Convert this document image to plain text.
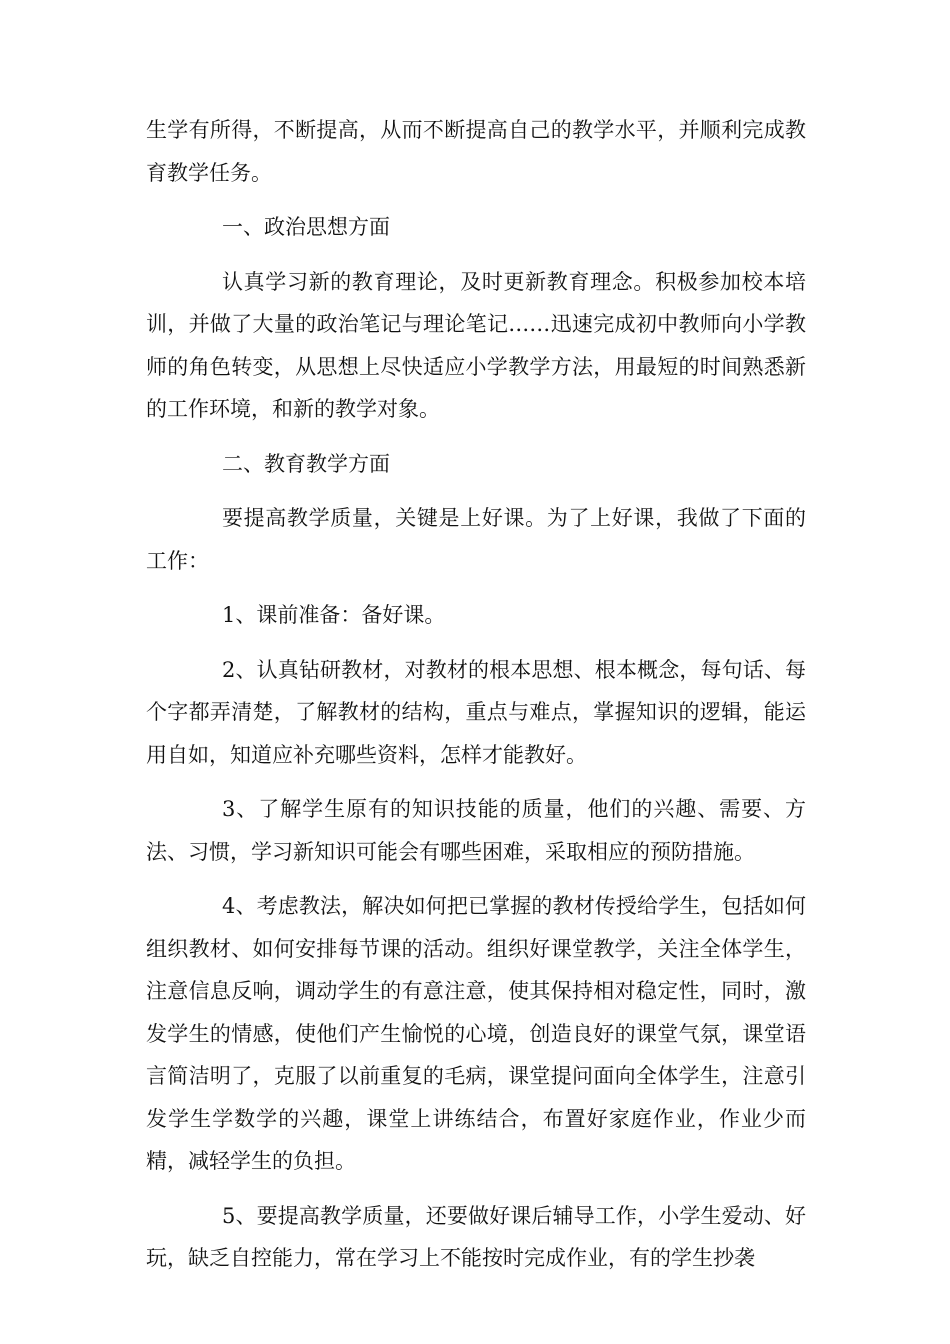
生学有所得，不断提高，从而不断提高自己的教学水平，并顺利完成教育教学任务。

一、政治思想方面

认真学习新的教育理论，及时更新教育理念。积极参加校本培训，并做了大量的政治笔记与理论笔记……迅速完成初中教师向小学教师的角色转变，从思想上尽快适应小学教学方法，用最短的时间熟悉新的工作环境，和新的教学对象。

二、教育教学方面

要提高教学质量，关键是上好课。为了上好课，我做了下面的工作：

1、课前准备：备好课。

2、认真钻研教材，对教材的根本思想、根本概念，每句话、每个字都弄清楚，了解教材的结构，重点与难点，掌握知识的逻辑，能运用自如，知道应补充哪些资料，怎样才能教好。

3、了解学生原有的知识技能的质量，他们的兴趣、需要、方法、习惯，学习新知识可能会有哪些困难，采取相应的预防措施。

4、考虑教法，解决如何把已掌握的教材传授给学生，包括如何组织教材、如何安排每节课的活动。组织好课堂教学，关注全体学生，注意信息反响，调动学生的有意注意，使其保持相对稳定性，同时，激发学生的情感，使他们产生愉悦的心境，创造良好的课堂气氛，课堂语言简洁明了，克服了以前重复的毛病，课堂提问面向全体学生，注意引发学生学数学的兴趣，课堂上讲练结合，布置好家庭作业，作业少而精，减轻学生的负担。

5、要提高教学质量，还要做好课后辅导工作，小学生爱动、好玩，缺乏自控能力，常在学习上不能按时完成作业，有的学生抄袭
